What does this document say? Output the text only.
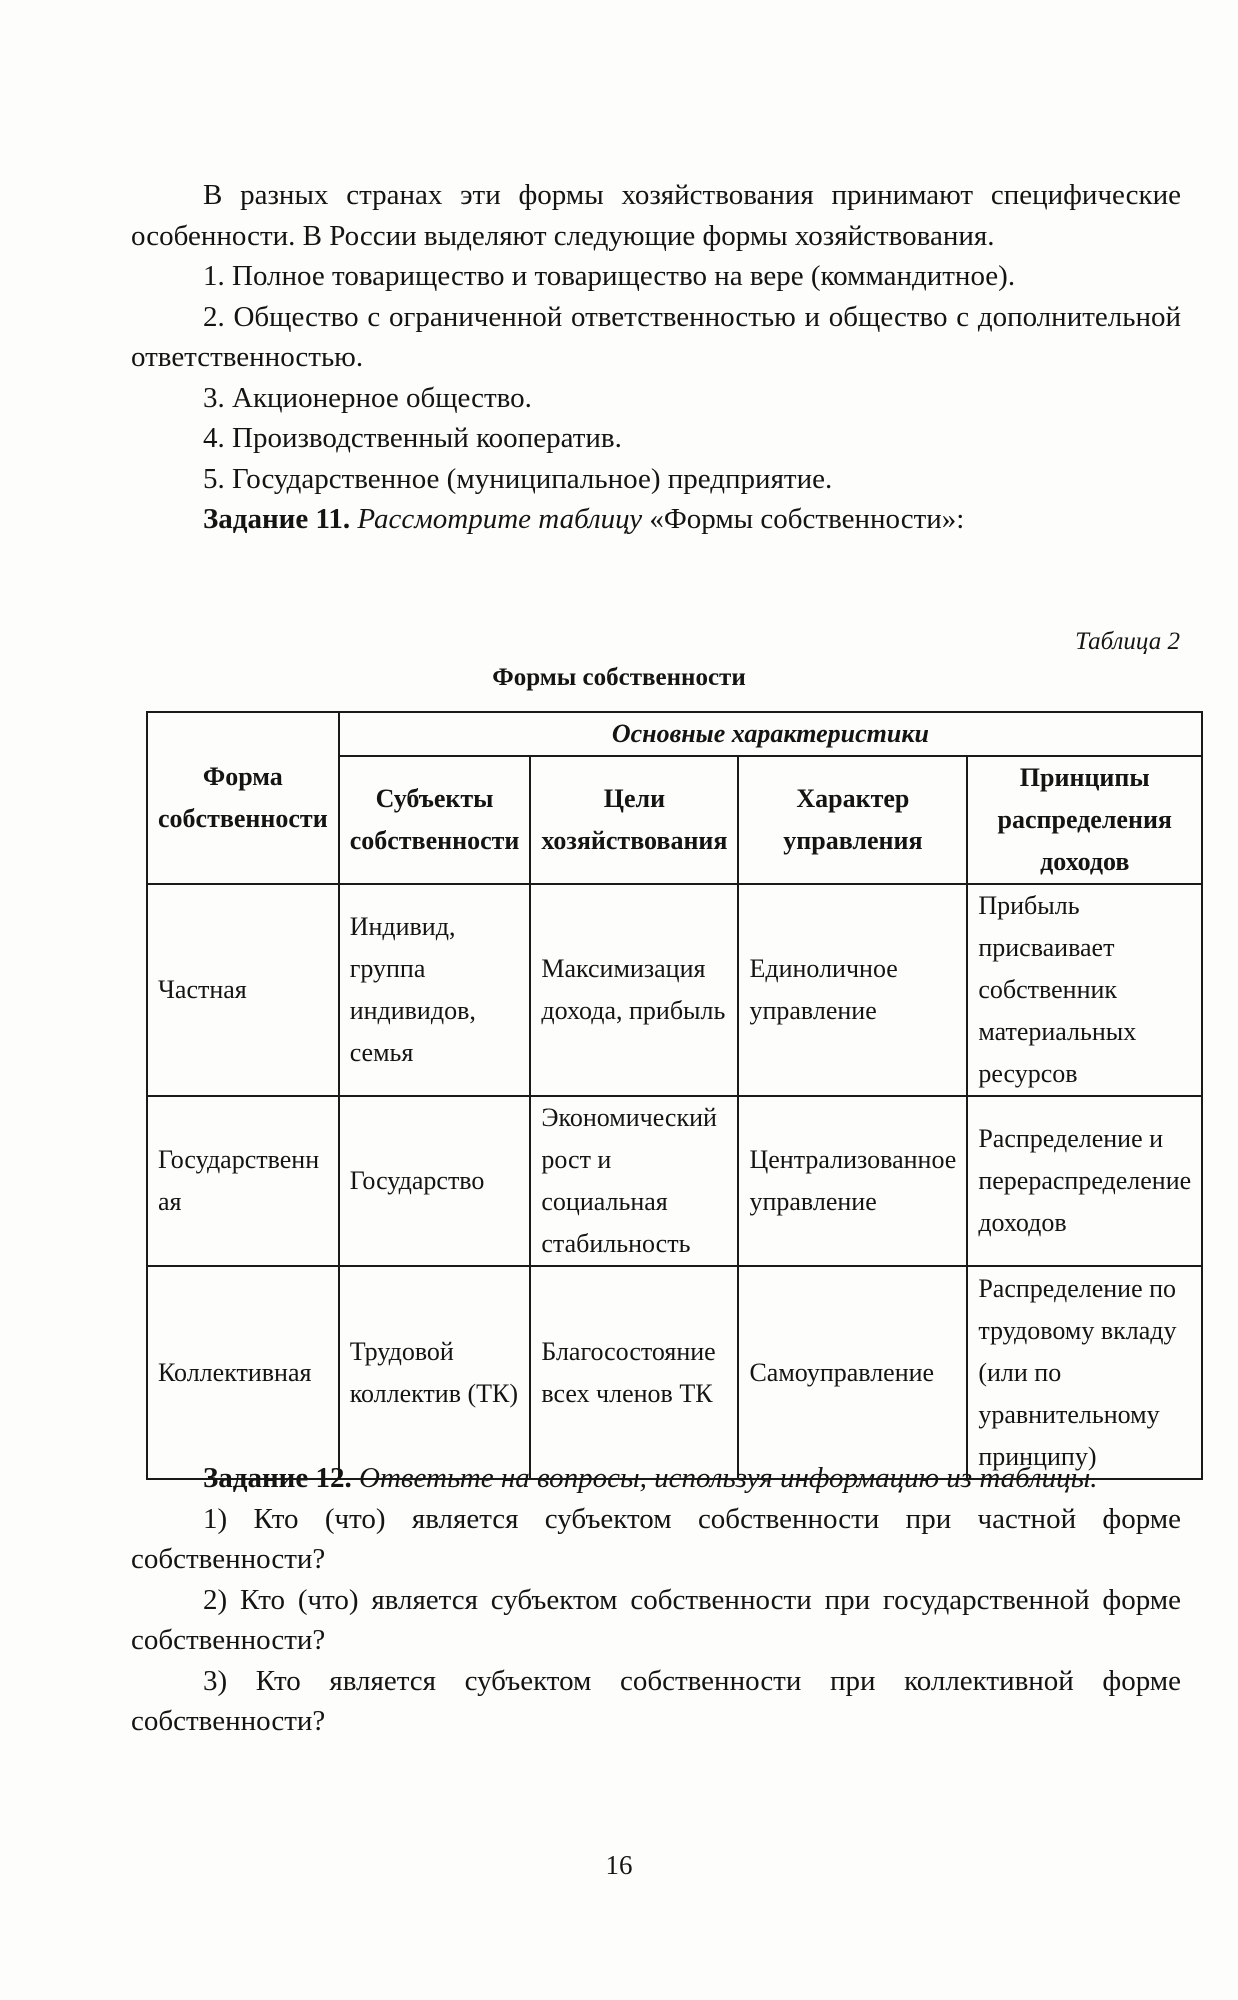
В разных странах эти формы хозяйствования принимают специфические особенности. В России выделяют следующие формы хозяйствования.

1. Полное товарищество и товарищество на вере (коммандитное).

2. Общество с ограниченной ответственностью и общество с дополнительной ответственностью.

3. Акционерное общество.

4. Производственный кооператив.

5. Государственное (муниципальное) предприятие.

Задание 11. Рассмотрите таблицу «Формы собственности»:

Таблица 2
Формы собственности
Форма собственности	Основные характеристики			
	Субъекты собственности	Цели хозяйствования	Характер управления	Принципы распределения доходов
Частная	Индивид, группа индивидов, семья	Максимизация дохода, прибыль	Единоличное управление	Прибыль присваивает собственник материальных ресурсов
Государственная	Государство	Экономический рост и социальная стабильность	Централизованное управление	Распределение и перераспределение доходов
Коллективная	Трудовой коллектив (ТК)	Благосостояние всех членов ТК	Самоуправление	Распределение по трудовому вкладу (или по уравнительному принципу)

Задание 12. Ответьте на вопросы, используя информацию из таблицы.

1) Кто (что) является субъектом собственности при частной форме собственности?

2) Кто (что) является субъектом собственности при государственной форме собственности?

3) Кто является субъектом собственности при коллективной форме собственности?

16
